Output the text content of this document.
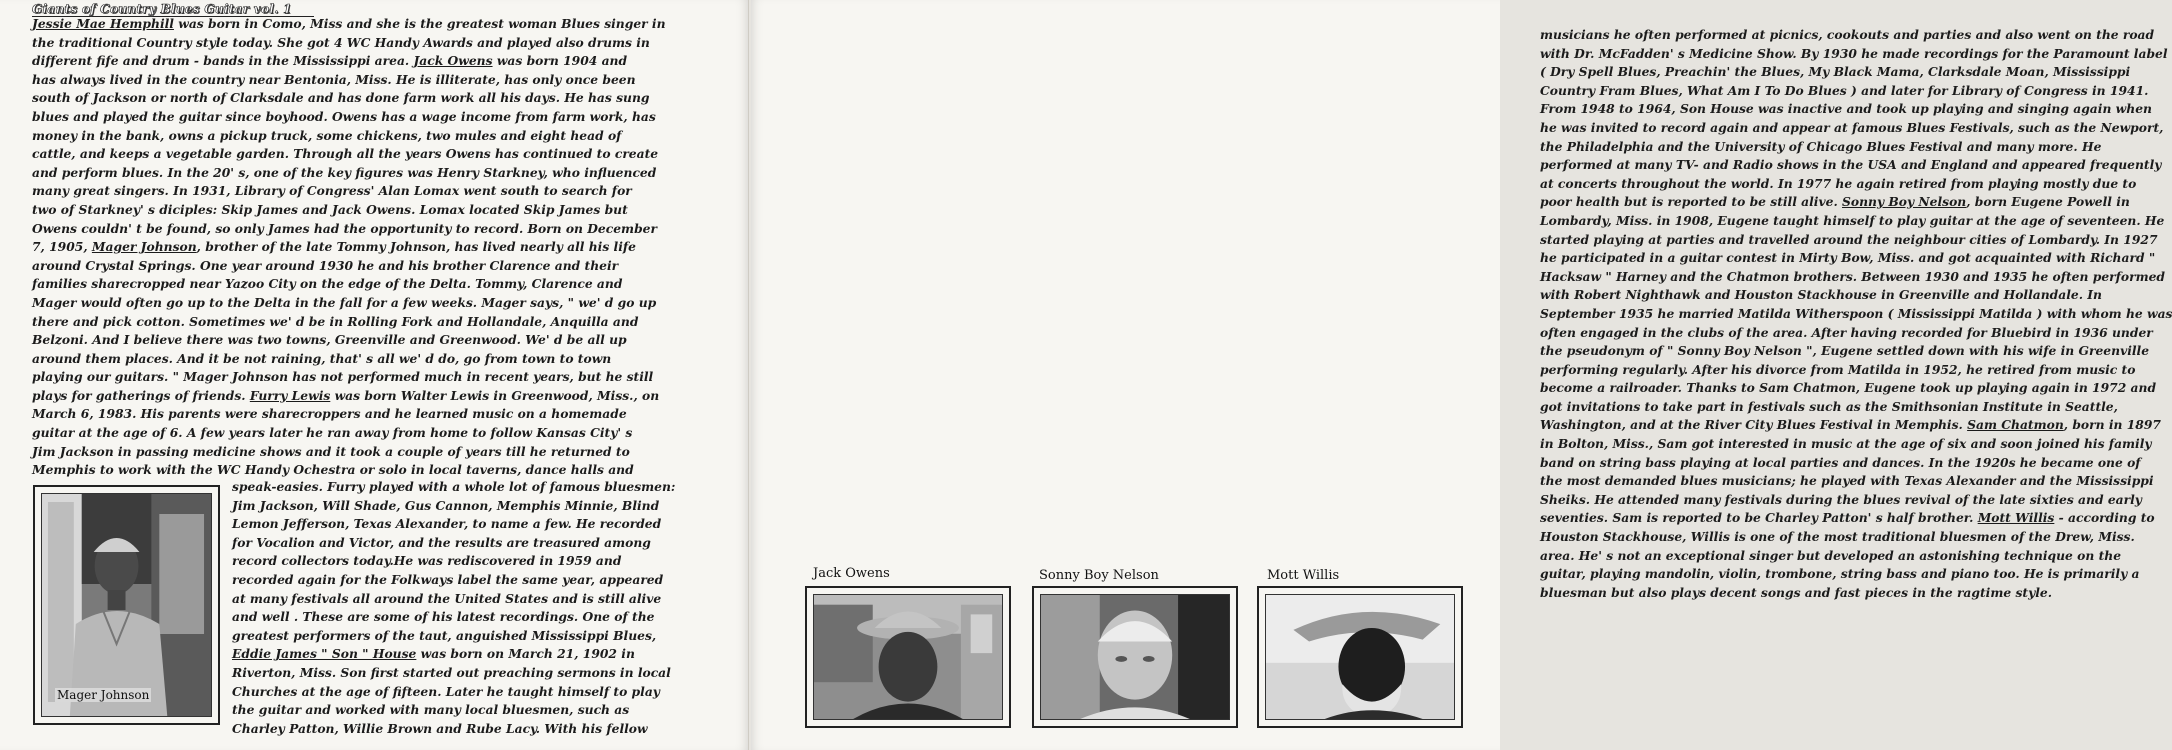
Giants of Country Blues Guitar vol. 1

Jessie Mae Hemphill was born in Como, Miss and she is the greatest woman Blues singer in

the traditional Country style today. She got 4 WC Handy Awards and played also drums in

different fife and drum - bands in the Mississippi area. Jack Owens was born 1904 and

has always lived in the country near Bentonia, Miss. He is illiterate, has only once been

south of Jackson or north of Clarksdale and has done farm work all his days. He has sung

blues and played the guitar since boyhood. Owens has a wage income from farm work, has

money in the bank, owns a pickup truck, some chickens, two mules and eight head of

cattle, and keeps a vegetable garden. Through all the years Owens has continued to create

and perform blues. In the 20' s, one of the key figures was Henry Starkney, who influenced

many great singers. In 1931, Library of Congress' Alan Lomax went south to search for

two of Starkney' s diciples: Skip James and Jack Owens. Lomax located Skip James but

Owens couldn' t be found, so only James had the opportunity to record. Born on December

7, 1905, Mager Johnson, brother of the late Tommy Johnson, has lived nearly all his life

around Crystal Springs. One year around 1930 he and his brother Clarence and their

families sharecropped near Yazoo City on the edge of the Delta. Tommy, Clarence and

Mager would often go up to the Delta in the fall for a few weeks. Mager says, " we' d go up

there and pick cotton. Sometimes we' d be in Rolling Fork and Hollandale, Anquilla and

Belzoni. And I believe there was two towns, Greenville and Greenwood. We' d be all up

around them places. And it be not raining, that' s all we' d do, go from town to town

playing our guitars. " Mager Johnson has not performed much in recent years, but he still

plays for gatherings of friends. Furry Lewis was born Walter Lewis in Greenwood, Miss., on

March 6, 1983. His parents were sharecroppers and he learned music on a homemade

guitar at the age of 6. A few years later he ran away from home to follow Kansas City' s

Jim Jackson in passing medicine shows and it took a couple of years till he returned to

Memphis to work with the WC Handy Ochestra or solo in local taverns, dance halls and

Mager Johnson

speak-easies. Furry played with a whole lot of famous bluesmen:

Jim Jackson, Will Shade, Gus Cannon, Memphis Minnie, Blind

Lemon Jefferson, Texas Alexander, to name a few. He recorded

for Vocalion and Victor, and the results are treasured among

record collectors today.He was rediscovered in 1959 and

recorded again for the Folkways label the same year, appeared

at many festivals all around the United States and is still alive

and well . These are some of his latest recordings. One of the

greatest performers of the taut, anguished Mississippi Blues,

Eddie James " Son " House was born on March 21, 1902 in

Riverton, Miss. Son first started out preaching sermons in local

Churches at the age of fifteen. Later he taught himself to play

the guitar and worked with many local bluesmen, such as

Charley Patton, Willie Brown and Rube Lacy. With his fellow

musicians he often performed at picnics, cookouts and parties and also went on the road

with Dr. McFadden' s Medicine Show. By 1930 he made recordings for the Paramount label

( Dry Spell Blues, Preachin' the Blues, My Black Mama, Clarksdale Moan, Mississippi

Country Fram Blues, What Am I To Do Blues ) and later for Library of Congress in 1941.

From 1948 to 1964, Son House was inactive and took up playing and singing again when

he was invited to record again and appear at famous Blues Festivals, such as the Newport,

the Philadelphia and the University of Chicago Blues Festival and many more. He

performed at many TV- and Radio shows in the USA and England and appeared frequently

at concerts throughout the world. In 1977 he again retired from playing mostly due to

poor health but is reported to be still alive. Sonny Boy Nelson, born Eugene Powell in

Lombardy, Miss. in 1908, Eugene taught himself to play guitar at the age of seventeen. He

started playing at parties and travelled around the neighbour cities of Lombardy. In 1927

he participated in a guitar contest in Mirty Bow, Miss. and got acquainted with Richard "

Hacksaw " Harney and the Chatmon brothers. Between 1930 and 1935 he often performed

with Robert Nighthawk and Houston Stackhouse in Greenville and Hollandale. In

September 1935 he married Matilda Witherspoon ( Mississippi Matilda ) with whom he was

often engaged in the clubs of the area. After having recorded for Bluebird in 1936 under

the pseudonym of " Sonny Boy Nelson ", Eugene settled down with his wife in Greenville

performing regularly. After his divorce from Matilda in 1952, he retired from music to

become a railroader. Thanks to Sam Chatmon, Eugene took up playing again in 1972 and

got invitations to take part in festivals such as the Smithsonian Institute in Seattle,

Washington, and at the River City Blues Festival in Memphis. Sam Chatmon, born in 1897

in Bolton, Miss., Sam got interested in music at the age of six and soon joined his family

band on string bass playing at local parties and dances. In the 1920s he became one of

the most demanded blues musicians; he played with Texas Alexander and the Mississippi

Sheiks. He attended many festivals during the blues revival of the late sixties and early

seventies. Sam is reported to be Charley Patton' s half brother. Mott Willis - according to

Houston Stackhouse, Willis is one of the most traditional bluesmen of the Drew, Miss.

area. He' s not an exceptional singer but developed an astonishing technique on the

guitar, playing mandolin, violin, trombone, string bass and piano too. He is primarily a

bluesman but also plays decent songs and fast pieces in the ragtime style.

Jack Owens	Sonny Boy Nelson	Mott Willis
